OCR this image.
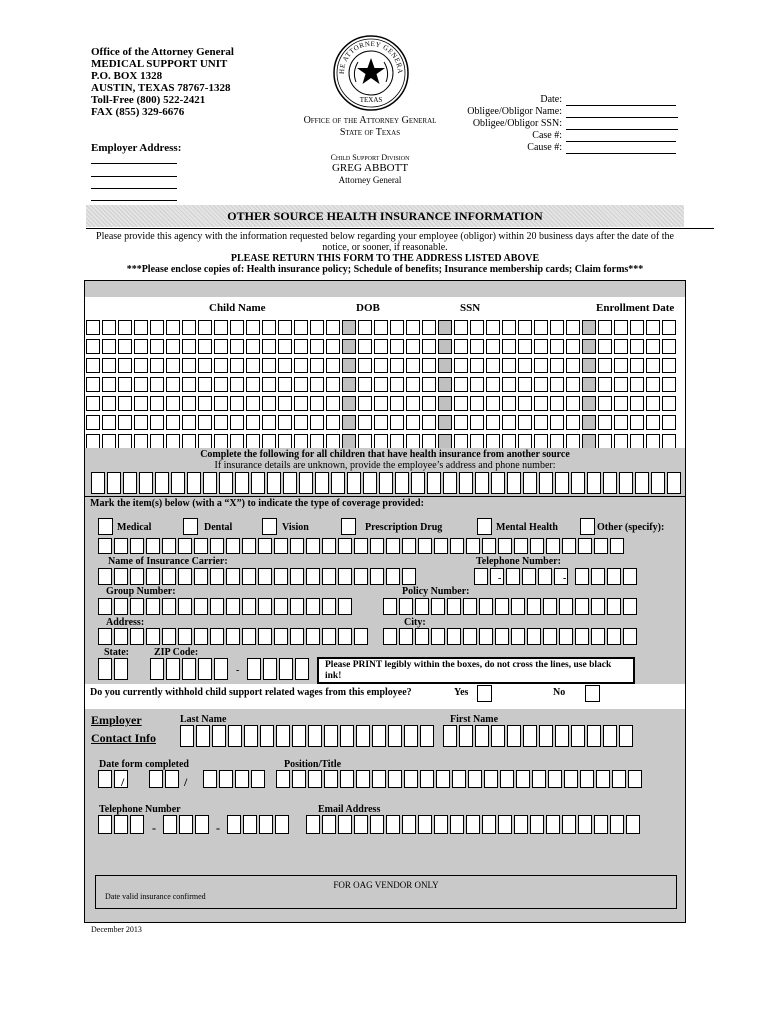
Office of the Attorney General
MEDICAL SUPPORT UNIT
P.O. BOX 1328
AUSTIN, TEXAS 78767-1328
Toll-Free (800) 522-2421
FAX (855) 329-6676
Employer Address:
HE ATTORNEY GENERA
TEXAS
Office of the Attorney General
State of Texas
Child Support Division
GREG ABBOTT
Attorney General
Date:
Obligee/Obligor Name:
Obligee/Obligor SSN:
Case #:
Cause #:
OTHER SOURCE HEALTH INSURANCE INFORMATION
Please provide this agency with the information requested below regarding your employee (obligor) within 20 business days after the date of the
notice, or sooner, if reasonable.
PLEASE RETURN THIS FORM TO THE ADDRESS LISTED ABOVE
***Please enclose copies of: Health insurance policy; Schedule of benefits; Insurance membership cards; Claim forms***
Child Name	DOB	SSN	Enrollment Date
Complete the following for all children that have health insurance from another source
If insurance details are unknown, provide the employee’s address and phone number:
Mark the item(s) below (with a “X”) to indicate the type of coverage provided:
Medical	Dental	Vision	Prescription Drug	Mental Health	Other (specify):
Name of Insurance Carrier:	Telephone Number:
-	-
Group Number:	Policy Number:
Address:	City:
State:	ZIP Code:
-	Please PRINT legibly within the boxes, do not cross the lines, use black ink!
Do you currently withhold child support related wages from this employee?	Yes	No
Employer
Contact Info
Last Name	First Name
Date form completed	Position/Title
/	/
Telephone Number	Email Address
-	-
FOR OAG VENDOR ONLY
Date valid insurance confirmed
December 2013
